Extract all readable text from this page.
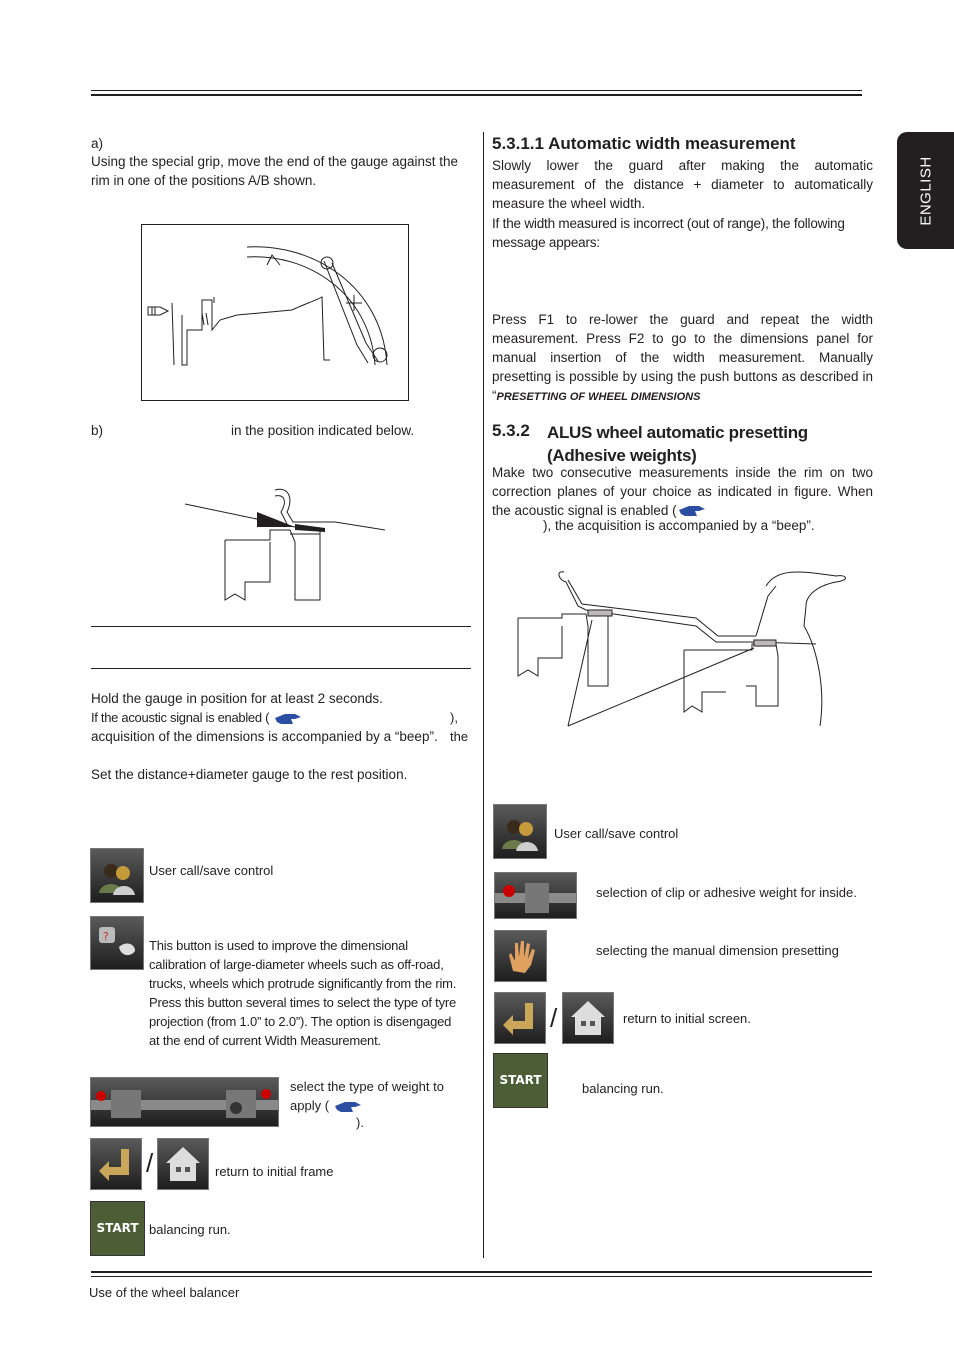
ENGLISH
a)
Using the special grip, move the end of the gauge against the rim in one of the positions A/B shown.
b)	in the position indicated below.
Hold the gauge in position for at least 2 seconds.
If the acoustic signal is enabled (	), the
acquisition of the dimensions is accompanied by a “beep”.
Set the distance+diameter gauge to the rest position.
User call/save control
?
This button is used to improve the dimensional calibration of large-diameter wheels such as off-road, trucks, wheels which protrude significantly from the rim. Press this button several times to select the type of tyre projection (from 1.0” to 2.0”). The option is disengaged at the end of current Width Measurement.
select the type of weight to apply (
).
/	return to initial frame
START balancing run.
5.3.1.1 Automatic width measurement
Slowly lower the guard after making the automatic measurement of the distance + diameter to automatically measure the wheel width.
If the width measured is incorrect (out of range), the following message appears:
Press F1 to re-lower the guard and repeat the width measurement. Press F2 to go to the dimensions panel for manual insertion of the width measurement. Manually presetting is possible by using the push buttons as described in “PRESETTING OF WHEEL DIMENSIONS
5.3.2 ALUS wheel automatic presetting (Adhesive weights)
Make two consecutive measurements inside the rim on two correction planes of your choice as indicated in figure. When the acoustic signal is enabled (
), the acquisition is accompanied by a “beep”.
User call/save control
selection of clip or adhesive weight for inside.
selecting the manual dimension presetting
/	return to initial screen.
START
balancing run.
Use of the wheel balancer
